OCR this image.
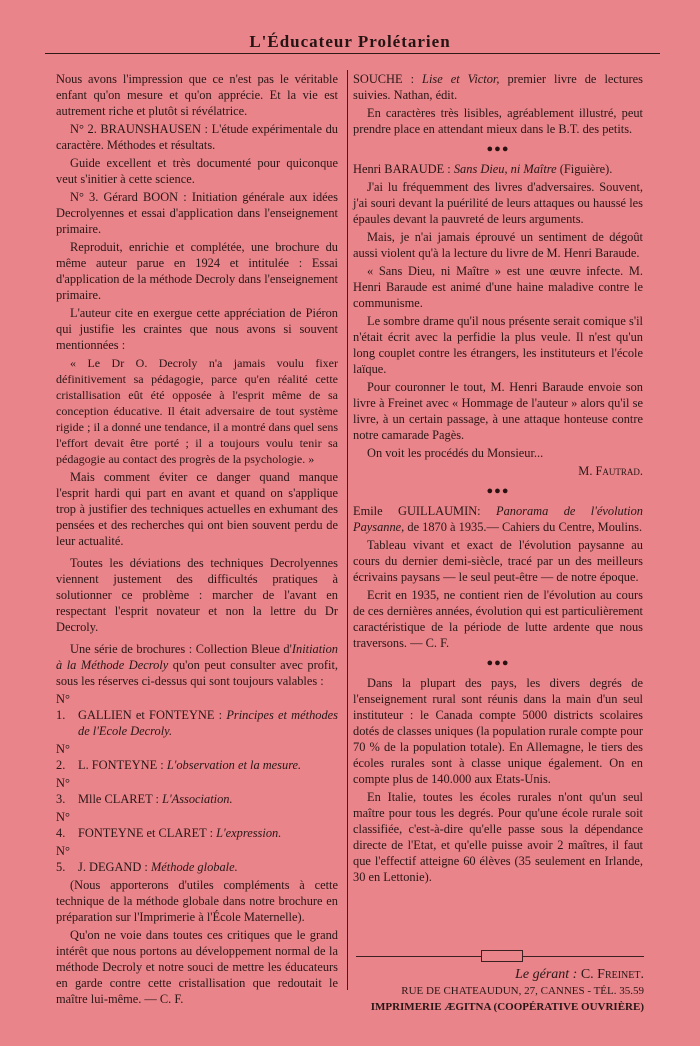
L'Éducateur Prolétarien

Nous avons l'impression que ce n'est pas le véritable enfant qu'on mesure et qu'on apprécie. Et la vie est autrement riche et plutôt si révélatrice.

N° 2. BRAUNSHAUSEN : L'étude expérimentale du caractère. Méthodes et résultats.

Guide excellent et très documenté pour quiconque veut s'initier à cette science.

N° 3. Gérard BOON : Initiation générale aux idées Decrolyennes et essai d'application dans l'enseignement primaire.

Reproduit, enrichie et complétée, une brochure du même auteur parue en 1924 et intitulée : Essai d'application de la méthode Decroly dans l'enseignement primaire.

L'auteur cite en exergue cette appréciation de Piéron qui justifie les craintes que nous avons si souvent mentionnées :

« Le Dr O. Decroly n'a jamais voulu fixer définitivement sa pédagogie, parce qu'en réalité cette cristallisation eût été opposée à l'esprit même de sa conception éducative. Il était adversaire de tout système rigide ; il a donné une tendance, il a montré dans quel sens l'effort devait être porté ; il a toujours voulu tenir sa pédagogie au contact des progrès de la psychologie. »

Mais comment éviter ce danger quand manque l'esprit hardi qui part en avant et quand on s'applique trop à justifier des techniques actuelles en exhumant des pensées et des recherches qui ont bien souvent perdu de leur actualité.

Toutes les déviations des techniques Decrolyennes viennent justement des difficultés pratiques à solutionner ce problème : marcher de l'avant en respectant l'esprit novateur et non la lettre du Dr Decroly.

Une série de brochures : Collection Bleue d'Initiation à la Méthode Decroly qu'on peut consulter avec profit, sous les réserves ci-dessus qui sont toujours valables :

N° 1. GALLIEN et FONTEYNE : Principes et méthodes de l'Ecole Decroly.

N° 2. L. FONTEYNE : L'observation et la mesure.

N° 3. Mlle CLARET : L'Association.

N° 4. FONTEYNE et CLARET : L'expression.

N° 5. J. DEGAND : Méthode globale.

(Nous apporterons d'utiles compléments à cette technique de la méthode globale dans notre brochure en préparation sur l'Imprimerie à l'École Maternelle).

Qu'on ne voie dans toutes ces critiques que le grand intérêt que nous portons au développement normal de la méthode Decroly et notre souci de mettre les éducateurs en garde contre cette cristallisation que redoutait le maître lui-même. — C. F.

SOUCHE : Lise et Victor, premier livre de lectures suivies. Nathan, édit.

En caractères très lisibles, agréablement illustré, peut prendre place en attendant mieux dans le B.T. des petits.

●●●

Henri BARAUDE : Sans Dieu, ni Maître (Figuière).

J'ai lu fréquemment des livres d'adversaires. Souvent, j'ai souri devant la puérilité de leurs attaques ou haussé les épaules devant la pauvreté de leurs arguments.

Mais, je n'ai jamais éprouvé un sentiment de dégoût aussi violent qu'à la lecture du livre de M. Henri Baraude.

« Sans Dieu, ni Maître » est une œuvre infecte. M. Henri Baraude est animé d'une haine maladive contre le communisme.

Le sombre drame qu'il nous présente serait comique s'il n'était écrit avec la perfidie la plus veule. Il n'est qu'un long couplet contre les étrangers, les instituteurs et l'école laïque.

Pour couronner le tout, M. Henri Baraude envoie son livre à Freinet avec « Hommage de l'auteur » alors qu'il se livre, à un certain passage, à une attaque honteuse contre notre camarade Pagès.

On voit les procédés du Monsieur...

M. Fautrad.

●●●

Emile GUILLAUMIN: Panorama de l'évolution Paysanne, de 1870 à 1935.— Cahiers du Centre, Moulins.

Tableau vivant et exact de l'évolution paysanne au cours du dernier demi-siècle, tracé par un des meilleurs écrivains paysans — le seul peut-être — de notre époque.

Ecrit en 1935, ne contient rien de l'évolution au cours de ces dernières années, évolution qui est particulièrement caractéristique de la période de lutte ardente que nous traversons. — C. F.

●●●

Dans la plupart des pays, les divers degrés de l'enseignement rural sont réunis dans la main d'un seul instituteur : le Canada compte 5000 districts scolaires dotés de classes uniques (la population rurale compte pour 70 % de la population totale). En Allemagne, le tiers des écoles rurales sont à classe unique également. On en compte plus de 140.000 aux Etats-Unis.

En Italie, toutes les écoles rurales n'ont qu'un seul maître pour tous les degrés. Pour qu'une école rurale soit classifiée, c'est-à-dire qu'elle passe sous la dépendance directe de l'Etat, et qu'elle puisse avoir 2 maîtres, il faut que l'effectif atteigne 60 élèves (35 seulement en Irlande, 30 en Lettonie).

Le gérant : C. Freinet.
RUE DE CHATEAUDUN, 27, CANNES - TÉL. 35.59
IMPRIMERIE ÆGITNA (COOPÉRATIVE OUVRIÈRE)
